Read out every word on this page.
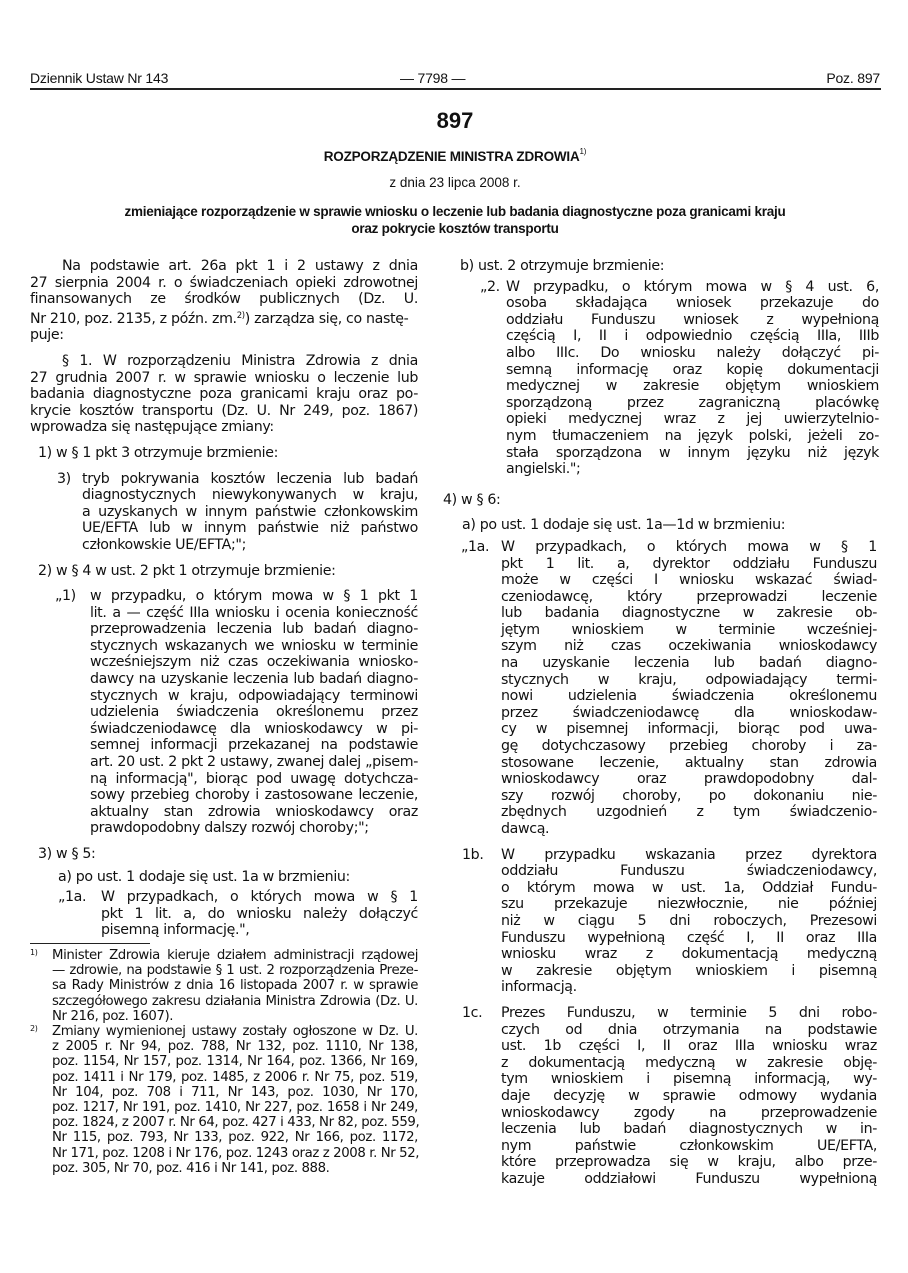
Dziennik Ustaw Nr 143	— 7798 —	Poz. 897
897
ROZPORZĄDZENIE MINISTRA ZDROWIA$^{1)}$
z dnia 23 lipca 2008 r.
zmieniające rozporządzenie w sprawie wniosku o leczenie lub badania diagnostyczne poza granicami kraju
oraz pokrycie kosztów transportu
Na podstawie art. 26a pkt 1 i 2 ustawy z dnia
27 sierpnia 2004 r. o świadczeniach opieki zdrowotnej
finansowanych ze środków publicznych (Dz. U.
Nr 210, poz. 2135, z późn. zm.$^{2)}$) zarządza się, co nastę-
puje:
§ 1. W rozporządzeniu Ministra Zdrowia z dnia
27 grudnia 2007 r. w sprawie wniosku o leczenie lub
badania diagnostyczne poza granicami kraju oraz po-
krycie kosztów transportu (Dz. U. Nr 249, poz. 1867)
wprowadza się następujące zmiany:
1) w § 1 pkt 3 otrzymuje brzmienie:
3) tryb pokrywania kosztów leczenia lub badań
diagnostycznych niewykonywanych w kraju,
a uzyskanych w innym państwie członkowskim
UE/EFTA lub w innym państwie niż państwo
członkowskie UE/EFTA;";
2) w § 4 w ust. 2 pkt 1 otrzymuje brzmienie:
„1) w przypadku, o którym mowa w § 1 pkt 1
lit. a — część IIIa wniosku i ocenia konieczność
przeprowadzenia leczenia lub badań diagno-
stycznych wskazanych we wniosku w terminie
wcześniejszym niż czas oczekiwania wniosko-
dawcy na uzyskanie leczenia lub badań diagno-
stycznych w kraju, odpowiadający terminowi
udzielenia świadczenia określonemu przez
świadczeniodawcę dla wnioskodawcy w pi-
semnej informacji przekazanej na podstawie
art. 20 ust. 2 pkt 2 ustawy, zwanej dalej „pisem-
ną informacją", biorąc pod uwagę dotychcza-
sowy przebieg choroby i zastosowane leczenie,
aktualny stan zdrowia wnioskodawcy oraz
prawdopodobny dalszy rozwój choroby;";
3) w § 5:
a) po ust. 1 dodaje się ust. 1a w brzmieniu:
„1a. W przypadkach, o których mowa w § 1
pkt 1 lit. a, do wniosku należy dołączyć
pisemną informację.",
1) Minister Zdrowia kieruje działem administracji rządowej
— zdrowie, na podstawie § 1 ust. 2 rozporządzenia Preze-
sa Rady Ministrów z dnia 16 listopada 2007 r. w sprawie
szczegółowego zakresu działania Ministra Zdrowia (Dz. U.
Nr 216, poz. 1607).
2) Zmiany wymienionej ustawy zostały ogłoszone w Dz. U.
z 2005 r. Nr 94, poz. 788, Nr 132, poz. 1110, Nr 138,
poz. 1154, Nr 157, poz. 1314, Nr 164, poz. 1366, Nr 169,
poz. 1411 i Nr 179, poz. 1485, z 2006 r. Nr 75, poz. 519,
Nr 104, poz. 708 i 711, Nr 143, poz. 1030, Nr 170,
poz. 1217, Nr 191, poz. 1410, Nr 227, poz. 1658 i Nr 249,
poz. 1824, z 2007 r. Nr 64, poz. 427 i 433, Nr 82, poz. 559,
Nr 115, poz. 793, Nr 133, poz. 922, Nr 166, poz. 1172,
Nr 171, poz. 1208 i Nr 176, poz. 1243 oraz z 2008 r. Nr 52,
poz. 305, Nr 70, poz. 416 i Nr 141, poz. 888.
b) ust. 2 otrzymuje brzmienie:
„2. W przypadku, o którym mowa w § 4 ust. 6,
osoba składająca wniosek przekazuje do
oddziału Funduszu wniosek z wypełnioną
częścią I, II i odpowiednio częścią IIIa, IIIb
albo IIIc. Do wniosku należy dołączyć pi-
semną informację oraz kopię dokumentacji
medycznej w zakresie objętym wnioskiem
sporządzoną przez zagraniczną placówkę
opieki medycznej wraz z jej uwierzytelnio-
nym tłumaczeniem na język polski, jeżeli zo-
stała sporządzona w innym języku niż język
angielski.";
4) w § 6:
a) po ust. 1 dodaje się ust. 1a—1d w brzmieniu:
„1a. W przypadkach, o których mowa w § 1
pkt 1 lit. a, dyrektor oddziału Funduszu
może w części I wniosku wskazać świad-
czeniodawcę, który przeprowadzi leczenie
lub badania diagnostyczne w zakresie ob-
jętym wnioskiem w terminie wcześniej-
szym niż czas oczekiwania wnioskodawcy
na uzyskanie leczenia lub badań diagno-
stycznych w kraju, odpowiadający termi-
nowi udzielenia świadczenia określonemu
przez świadczeniodawcę dla wnioskodaw-
cy w pisemnej informacji, biorąc pod uwa-
gę dotychczasowy przebieg choroby i za-
stosowane leczenie, aktualny stan zdrowia
wnioskodawcy oraz prawdopodobny dal-
szy rozwój choroby, po dokonaniu nie-
zbędnych uzgodnień z tym świadczenio-
dawcą.
1b. W przypadku wskazania przez dyrektora
oddziału Funduszu świadczeniodawcy,
o którym mowa w ust. 1a, Oddział Fundu-
szu przekazuje niezwłocznie, nie później
niż w ciągu 5 dni roboczych, Prezesowi
Funduszu wypełnioną część I, II oraz IIIa
wniosku wraz z dokumentacją medyczną
w zakresie objętym wnioskiem i pisemną
informacją.
1c. Prezes Funduszu, w terminie 5 dni robo-
czych od dnia otrzymania na podstawie
ust. 1b części I, II oraz IIIa wniosku wraz
z dokumentacją medyczną w zakresie obję-
tym wnioskiem i pisemną informacją, wy-
daje decyzję w sprawie odmowy wydania
wnioskodawcy zgody na przeprowadzenie
leczenia lub badań diagnostycznych w in-
nym państwie członkowskim UE/EFTA,
które przeprowadza się w kraju, albo prze-
kazuje oddziałowi Funduszu wypełnioną
